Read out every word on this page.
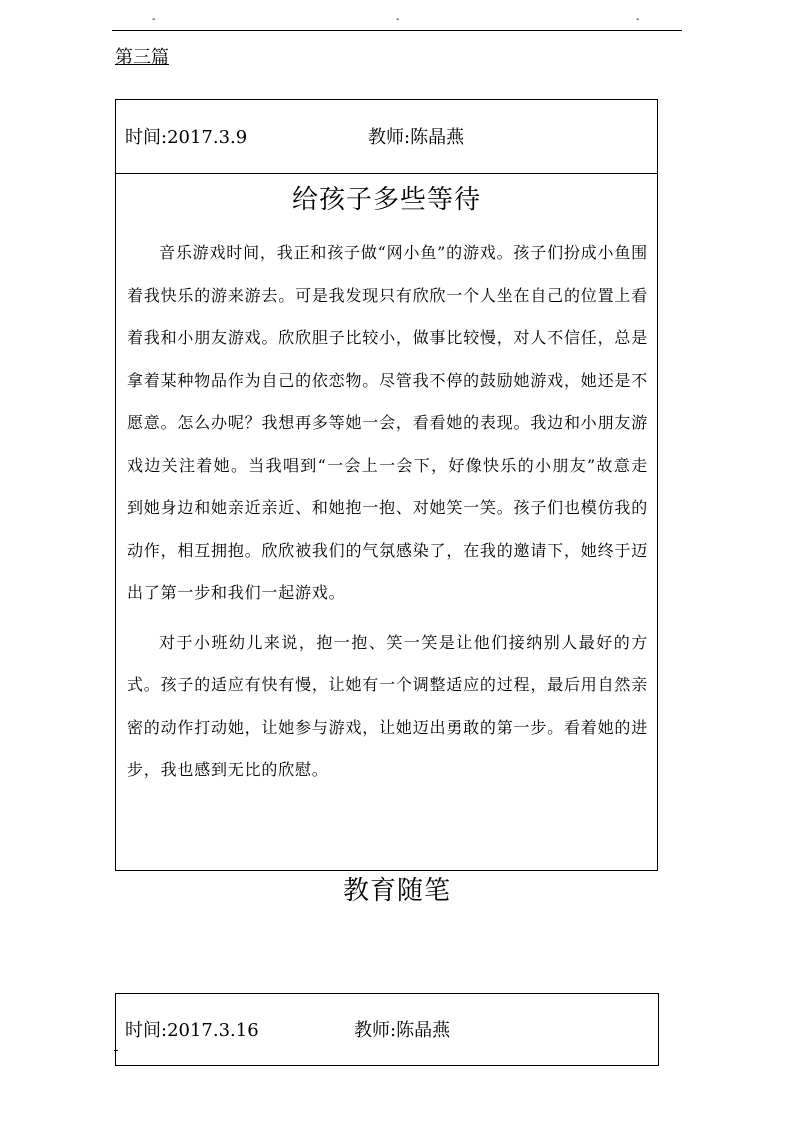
-	-	-
第三篇
时间:2017.3.9	教师:陈晶燕
给孩子多些等待

音乐游戏时间，我正和孩子做“网小鱼”的游戏。孩子们扮成小鱼围着我快乐的游来游去。可是我发现只有欣欣一个人坐在自己的位置上看着我和小朋友游戏。欣欣胆子比较小，做事比较慢，对人不信任，总是拿着某种物品作为自己的依恋物。尽管我不停的鼓励她游戏，她还是不愿意。怎么办呢？我想再多等她一会，看看她的表现。我边和小朋友游戏边关注着她。当我唱到“一会上一会下，好像快乐的小朋友”故意走到她身边和她亲近亲近、和她抱一抱、对她笑一笑。孩子们也模仿我的动作，相互拥抱。欣欣被我们的气氛感染了，在我的邀请下，她终于迈出了第一步和我们一起游戏。

对于小班幼儿来说，抱一抱、笑一笑是让他们接纳别人最好的方式。孩子的适应有快有慢，让她有一个调整适应的过程，最后用自然亲密的动作打动她，让她参与游戏，让她迈出勇敢的第一步。看着她的进步，我也感到无比的欣慰。

教育随笔
时间:2017.3.16	教师:陈晶燕
